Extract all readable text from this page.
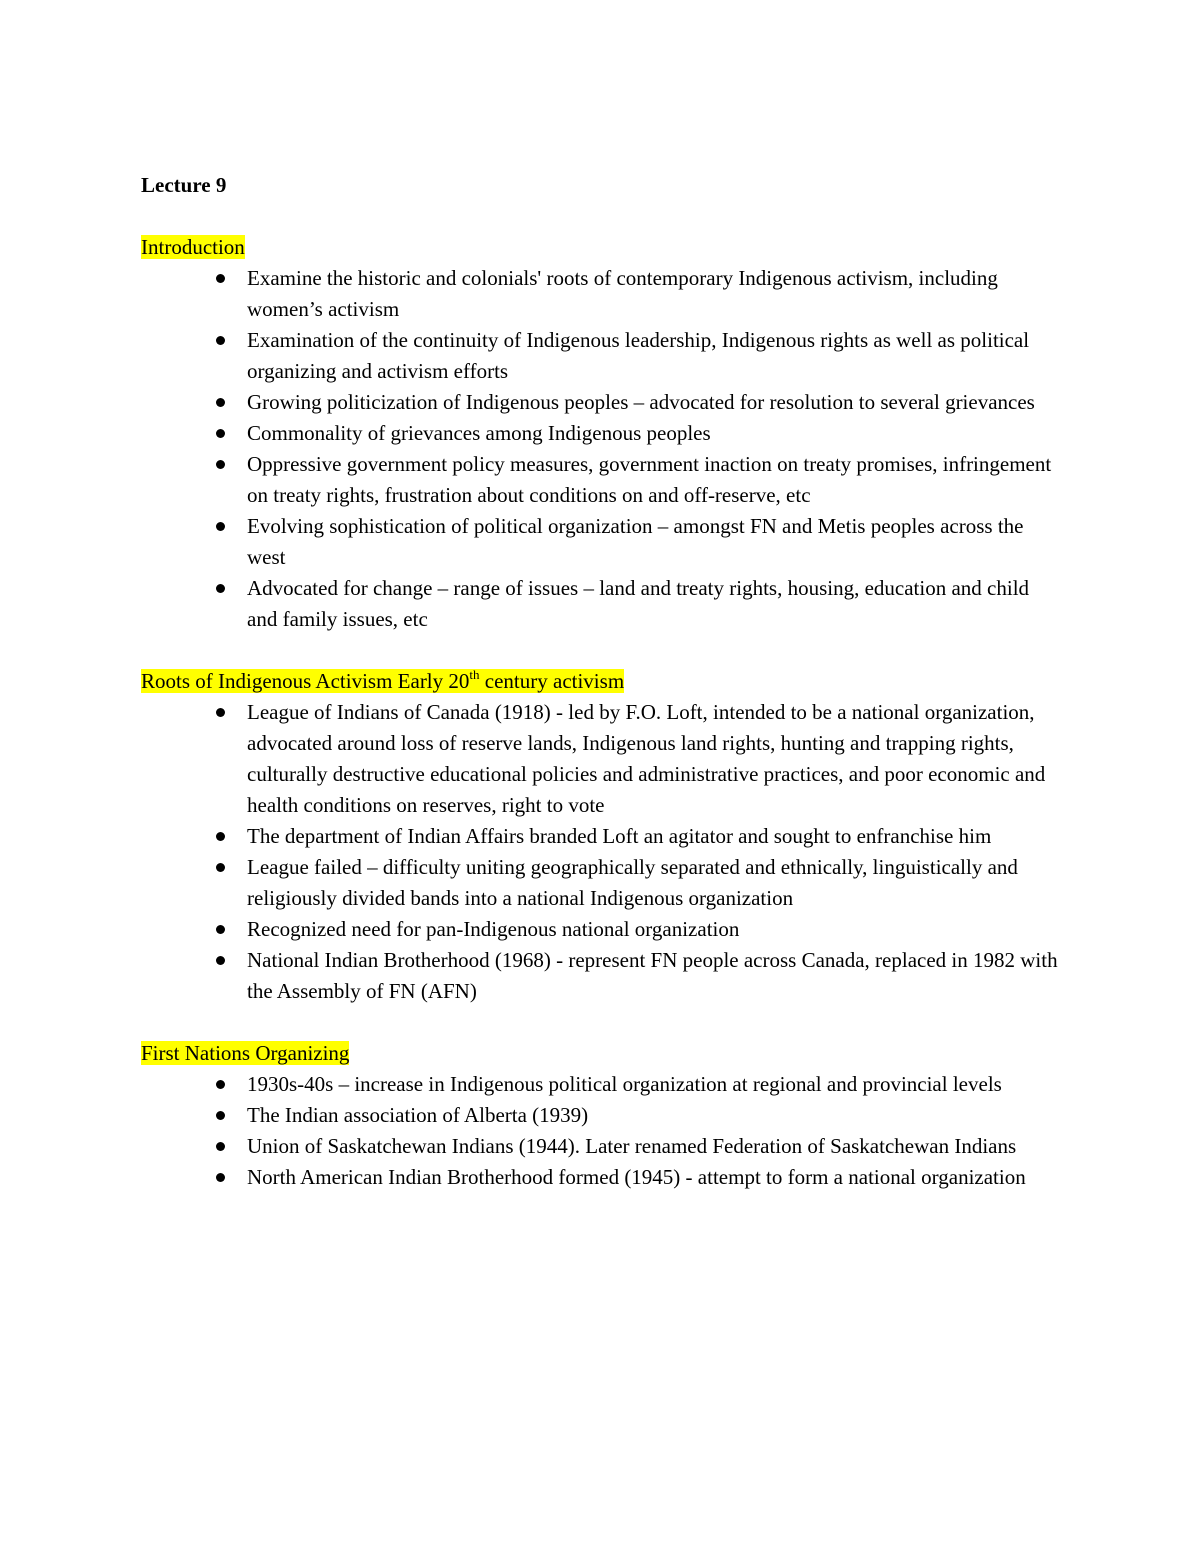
Lecture 9
Introduction
Examine the historic and colonials' roots of contemporary Indigenous activism, including women’s activism
Examination of the continuity of Indigenous leadership, Indigenous rights as well as political organizing and activism efforts
Growing politicization of Indigenous peoples – advocated for resolution to several grievances
Commonality of grievances among Indigenous peoples
Oppressive government policy measures, government inaction on treaty promises, infringement on treaty rights, frustration about conditions on and off-reserve, etc
Evolving sophistication of political organization – amongst FN and Metis peoples across the west
Advocated for change – range of issues – land and treaty rights, housing, education and child and family issues, etc
Roots of Indigenous Activism Early 20th century activism
League of Indians of Canada (1918) - led by F.O. Loft, intended to be a national organization, advocated around loss of reserve lands, Indigenous land rights, hunting and trapping rights, culturally destructive educational policies and administrative practices, and poor economic and health conditions on reserves, right to vote
The department of Indian Affairs branded Loft an agitator and sought to enfranchise him
League failed – difficulty uniting geographically separated and ethnically, linguistically and religiously divided bands into a national Indigenous organization
Recognized need for pan-Indigenous national organization
National Indian Brotherhood (1968) - represent FN people across Canada, replaced in 1982 with the Assembly of FN (AFN)
First Nations Organizing
1930s-40s – increase in Indigenous political organization at regional and provincial levels
The Indian association of Alberta (1939)
Union of Saskatchewan Indians (1944). Later renamed Federation of Saskatchewan Indians
North American Indian Brotherhood formed (1945) - attempt to form a national organization
